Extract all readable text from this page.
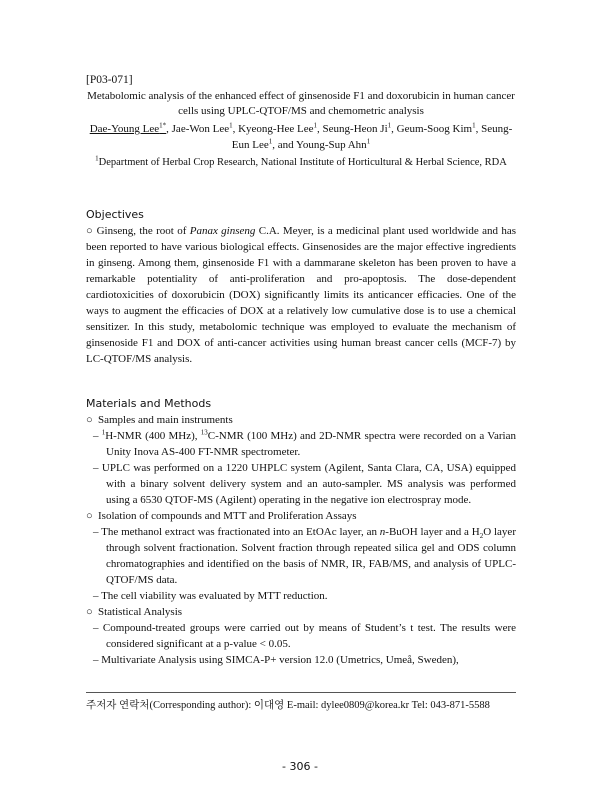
[P03-071]

Metabolomic analysis of the enhanced effect of ginsenoside F1 and doxorubicin in human cancer cells using UPLC-QTOF/MS and chemometric analysis

Dae-Young Lee$^{1*}$, Jae-Won Lee$^1$, Kyeong-Hee Lee$^1$, Seung-Heon Ji$^1$, Geum-Soog Kim$^1$, Seung-Eun Lee$^1$, and Young-Sup Ahn$^1$

$^1$Department of Herbal Crop Research, National Institute of Horticultural & Herbal Science, RDA

Objectives

○ Ginseng, the root of Panax ginseng C.A. Meyer, is a medicinal plant used worldwide and has been reported to have various biological effects. Ginsenosides are the major effective ingredients in ginseng. Among them, ginsenoside F1 with a dammarane skeleton has been proven to have a remarkable potentiality of anti-proliferation and pro-apoptosis. The dose-dependent cardiotoxicities of doxorubicin (DOX) significantly limits its anticancer efficacies. One of the ways to augment the efficacies of DOX at a relatively low cumulative dose is to use a chemical sensitizer. In this study, metabolomic technique was employed to evaluate the mechanism of ginsenoside F1 and DOX of anti-cancer activities using human breast cancer cells (MCF-7) by LC-QTOF/MS analysis.

Materials and Methods

○ Samples and main instruments

– $^1$H-NMR (400 MHz), $^{13}$C-NMR (100 MHz) and 2D-NMR spectra were recorded on a Varian Unity Inova AS-400 FT-NMR spectrometer.

– UPLC was performed on a 1220 UHPLC system (Agilent, Santa Clara, CA, USA) equipped with a binary solvent delivery system and an auto-sampler. MS analysis was performed using a 6530 QTOF-MS (Agilent) operating in the negative ion electrospray mode.

○ Isolation of compounds and MTT and Proliferation Assays

– The methanol extract was fractionated into an EtOAc layer, an n-BuOH layer and a $H_2O$ layer through solvent fractionation. Solvent fraction through repeated silica gel and ODS column chromatographies and identified on the basis of NMR, IR, FAB/MS, and analysis of UPLC-QTOF/MS data.

– The cell viability was evaluated by MTT reduction.

○ Statistical Analysis

– Compound-treated groups were carried out by means of Student’s t test. The results were considered significant at a p-value < 0.05.

– Multivariate Analysis using SIMCA-P+ version 12.0 (Umetrics, Umeå, Sweden),

주저자 연락처(Corresponding author): 이대영 E-mail: dylee0809@korea.kr Tel: 043-871-5588
- 306 -
